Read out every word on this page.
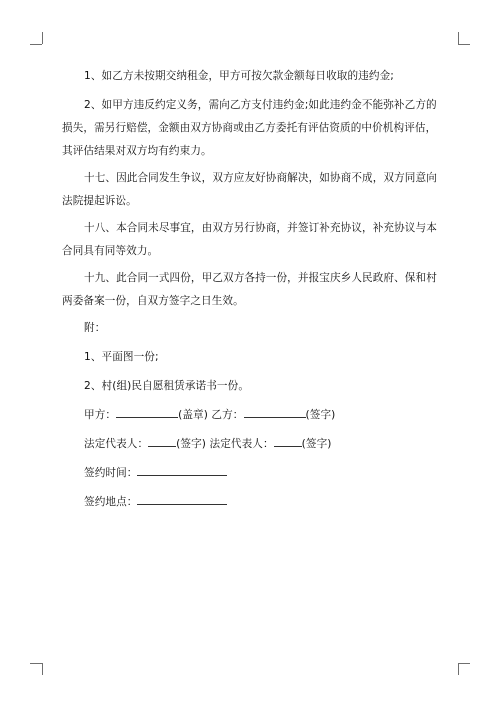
1、如乙方未按期交纳租金，甲方可按欠款金额每日收取的违约金;

2、如甲方违反约定义务，需向乙方支付违约金;如此违约金不能弥补乙方的损失，需另行赔偿，金额由双方协商或由乙方委托有评估资质的中价机构评估，其评估结果对双方均有约束力。

十七、因此合同发生争议，双方应友好协商解决，如协商不成，双方同意向法院提起诉讼。

十八、本合同未尽事宜，由双方另行协商，并签订补充协议，补充协议与本合同具有同等效力。

十九、此合同一式四份，甲乙双方各持一份，并报宝庆乡人民政府、保和村两委备案一份，自双方签字之日生效。

附：

1、平面图一份;

2、村(组)民自愿租赁承诺书一份。

甲方：	(盖章) 乙方：	(签字)

法定代表人：	(签字) 法定代表人：	(签字)

签约时间：

签约地点：
